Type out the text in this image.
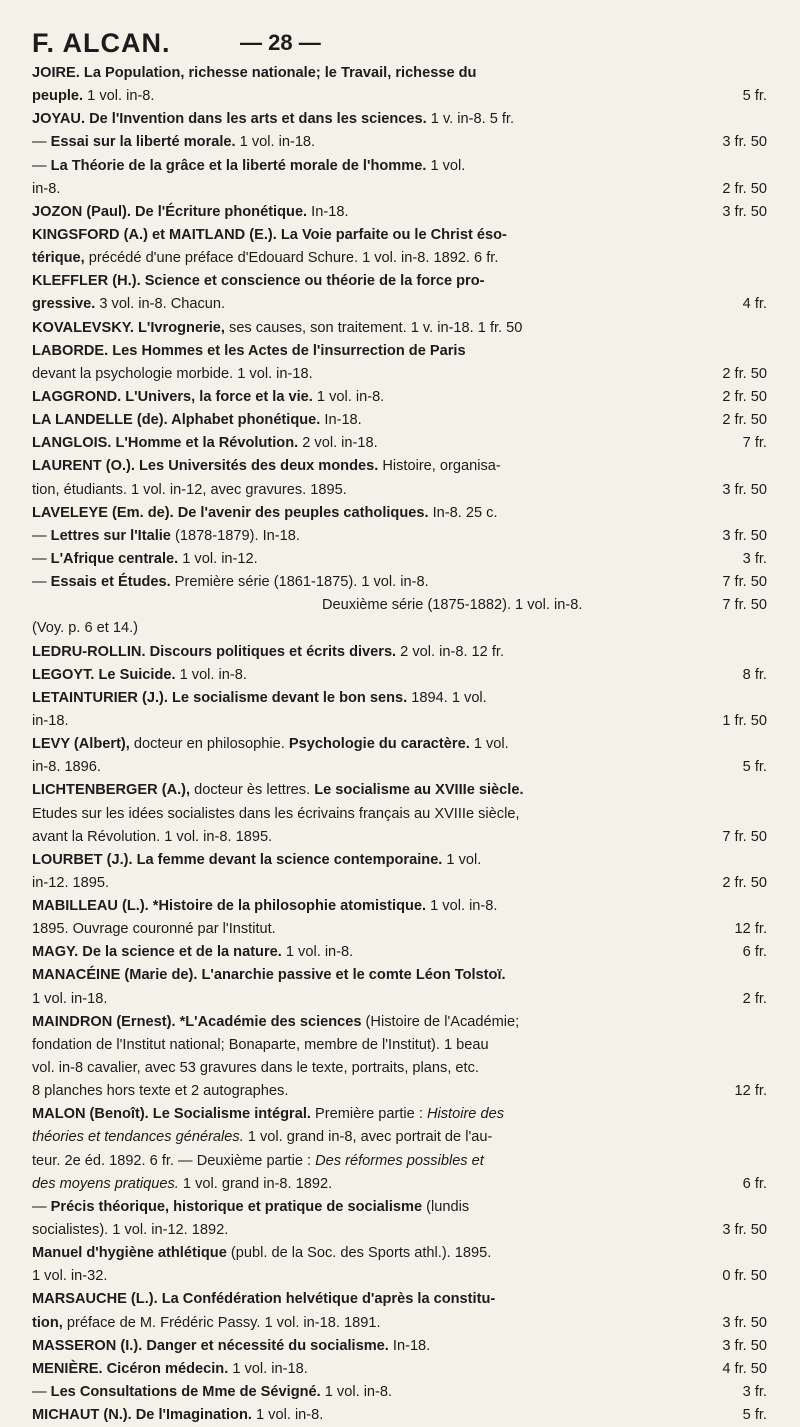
F. ALCAN.	— 28 —
JOIRE. La Population, richesse nationale; le Travail, richesse du
peuple. 1 vol. in-8.	5 fr.
JOYAU. De l'Invention dans les arts et dans les sciences. 1 v. in-8. 5 fr.
— Essai sur la liberté morale. 1 vol. in-18.	3 fr. 50
— La Théorie de la grâce et la liberté morale de l'homme. 1 vol.
in-8.	2 fr. 50
JOZON (Paul). De l'Écriture phonétique. In-18.	3 fr. 50
KINGSFORD (A.) et MAITLAND (E.). La Voie parfaite ou le Christ éso-
térique, précédé d'une préface d'Edouard Schure. 1 vol. in-8. 1892. 6 fr.
KLEFFLER (H.). Science et conscience ou théorie de la force pro-
gressive. 3 vol. in-8. Chacun.	4 fr.
KOVALEVSKY. L'Ivrognerie, ses causes, son traitement. 1 v. in-18. 1 fr. 50
LABORDE. Les Hommes et les Actes de l'insurrection de Paris
devant la psychologie morbide. 1 vol. in-18.	2 fr. 50
LAGGROND. L'Univers, la force et la vie. 1 vol. in-8.	2 fr. 50
LA LANDELLE (de). Alphabet phonétique. In-18.	2 fr. 50
LANGLOIS. L'Homme et la Révolution. 2 vol. in-18.	7 fr.
LAURENT (O.). Les Universités des deux mondes. Histoire, organisa-
tion, étudiants. 1 vol. in-12, avec gravures. 1895.	3 fr. 50
LAVELEYE (Em. de). De l'avenir des peuples catholiques. In-8. 25 c.
— Lettres sur l'Italie (1878-1879). In-18.	3 fr. 50
— L'Afrique centrale. 1 vol. in-12.	3 fr.
— Essais et Études. Première série (1861-1875). 1 vol. in-8.	7 fr. 50
Deuxième série (1875-1882). 1 vol. in-8.	7 fr. 50
(Voy. p. 6 et 14.)
LEDRU-ROLLIN. Discours politiques et écrits divers. 2 vol. in-8. 12 fr.
LEGOYT. Le Suicide. 1 vol. in-8.	8 fr.
LETAINTURIER (J.). Le socialisme devant le bon sens. 1894. 1 vol.
in-18.	1 fr. 50
LEVY (Albert), docteur en philosophie. Psychologie du caractère. 1 vol.
in-8. 1896.	5 fr.
LICHTENBERGER (A.), docteur ès lettres. Le socialisme au XVIIIe siècle.
Etudes sur les idées socialistes dans les écrivains français au XVIIIe siècle,
avant la Révolution. 1 vol. in-8. 1895.	7 fr. 50
LOURBET (J.). La femme devant la science contemporaine. 1 vol.
in-12. 1895.	2 fr. 50
MABILLEAU (L.). *Histoire de la philosophie atomistique. 1 vol. in-8.
1895. Ouvrage couronné par l'Institut.	12 fr.
MAGY. De la science et de la nature. 1 vol. in-8.	6 fr.
MANACÉINE (Marie de). L'anarchie passive et le comte Léon Tolstoï.
1 vol. in-18.	2 fr.
MAINDRON (Ernest). *L'Académie des sciences (Histoire de l'Académie;
fondation de l'Institut national; Bonaparte, membre de l'Institut). 1 beau
vol. in-8 cavalier, avec 53 gravures dans le texte, portraits, plans, etc.
8 planches hors texte et 2 autographes.	12 fr.
MALON (Benoît). Le Socialisme intégral. Première partie : Histoire des
théories et tendances générales. 1 vol. grand in-8, avec portrait de l'au-
teur. 2e éd. 1892. 6 fr. — Deuxième partie : Des réformes possibles et
des moyens pratiques. 1 vol. grand in-8. 1892.	6 fr.
— Précis théorique, historique et pratique de socialisme (lundis
socialistes). 1 vol. in-12. 1892.	3 fr. 50
Manuel d'hygiène athlétique (publ. de la Soc. des Sports athl.). 1895.
1 vol. in-32.	0 fr. 50
MARSAUCHE (L.). La Confédération helvétique d'après la constitu-
tion, préface de M. Frédéric Passy. 1 vol. in-18. 1891.	3 fr. 50
MASSERON (I.). Danger et nécessité du socialisme. In-18.	3 fr. 50
MENIÈRE. Cicéron médecin. 1 vol. in-18.	4 fr. 50
— Les Consultations de Mme de Sévigné. 1 vol. in-8.	3 fr.
MICHAUT (N.). De l'Imagination. 1 vol. in-8.	5 fr.
